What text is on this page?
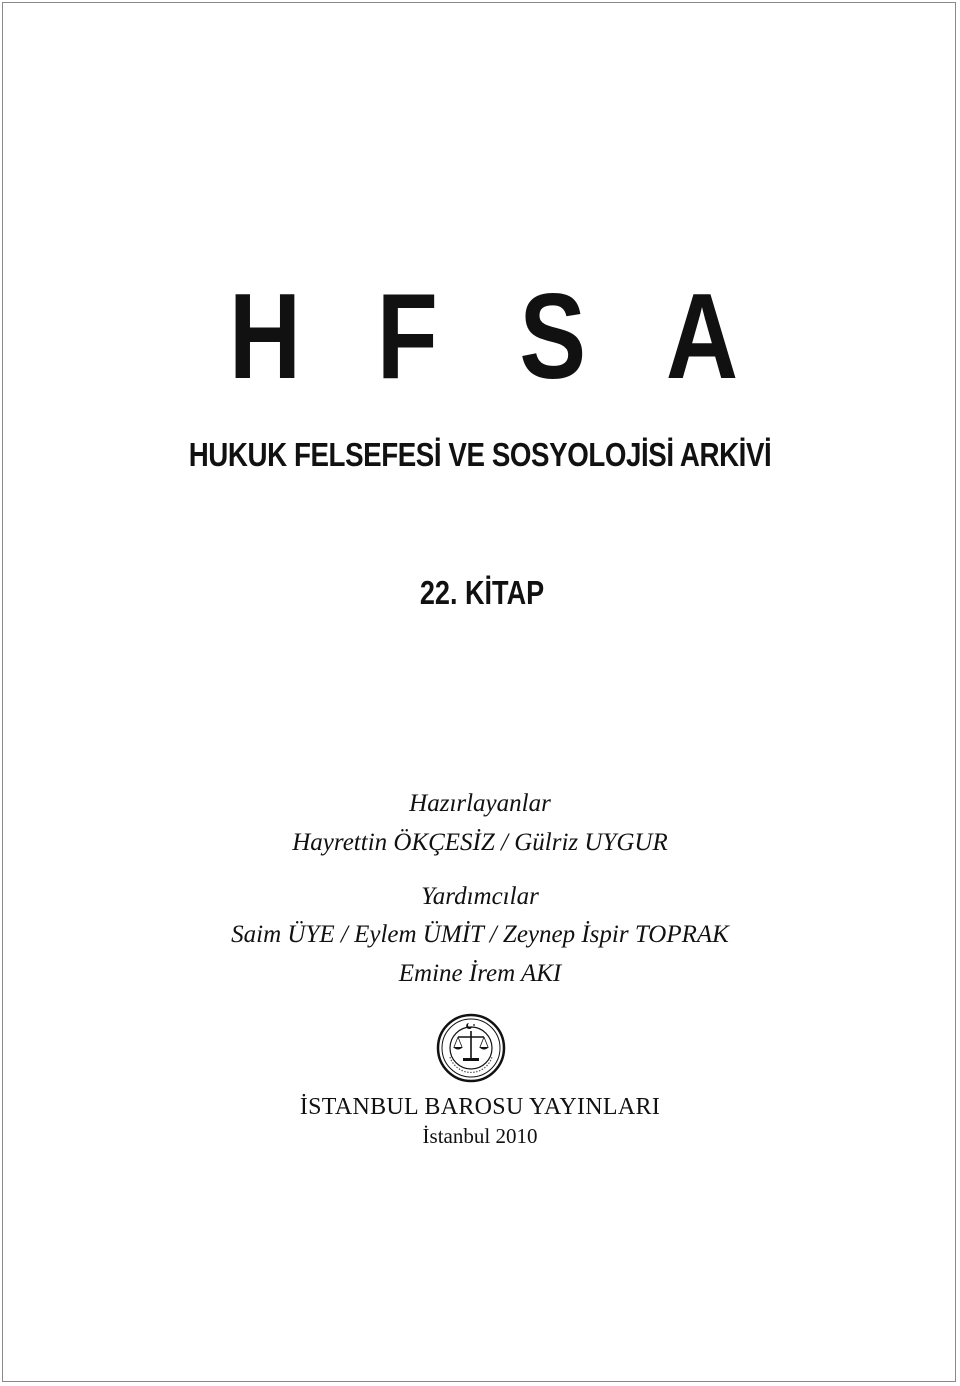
H F S A
HUKUK FELSEFESİ VE SOSYOLOJİSİ ARKİVİ
22. KİTAP
Hazırlayanlar
Hayrettin ÖKÇESİZ / Gülriz UYGUR
Yardımcılar
Saim ÜYE / Eylem ÜMİT / Zeynep İspir TOPRAK
Emine İrem AKI
İSTANBUL BAROSU YAYINLARI
İstanbul 2010
